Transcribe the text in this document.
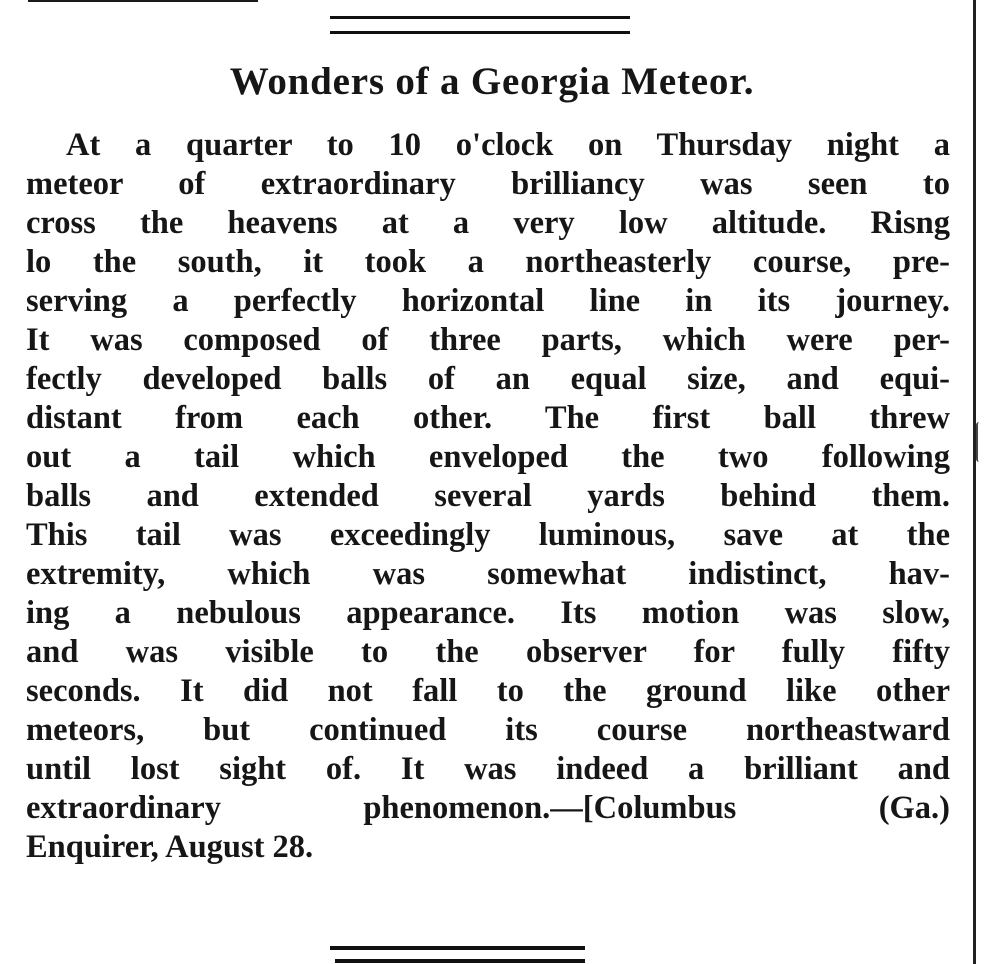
Wonders of a Georgia Meteor.
At a quarter to 10 o'clock on Thursday night a
meteor of extraordinary brilliancy was seen to
cross the heavens at a very low altitude. Risng
lo the south, it took a northeasterly course, pre-
serving a perfectly horizontal line in its journey.
It was composed of three parts, which were per-
fectly developed balls of an equal size, and equi-
distant from each other. The first ball threw
out a tail which enveloped the two following
balls and extended several yards behind them.
This tail was exceedingly luminous, save at the
extremity, which was somewhat indistinct, hav-
ing a nebulous appearance. Its motion was slow,
and was visible to the observer for fully fifty
seconds. It did not fall to the ground like other
meteors, but continued its course northeastward
until lost sight of. It was indeed a brilliant and
extraordinary phenomenon.—[Columbus (Ga.)
Enquirer, August 28.
